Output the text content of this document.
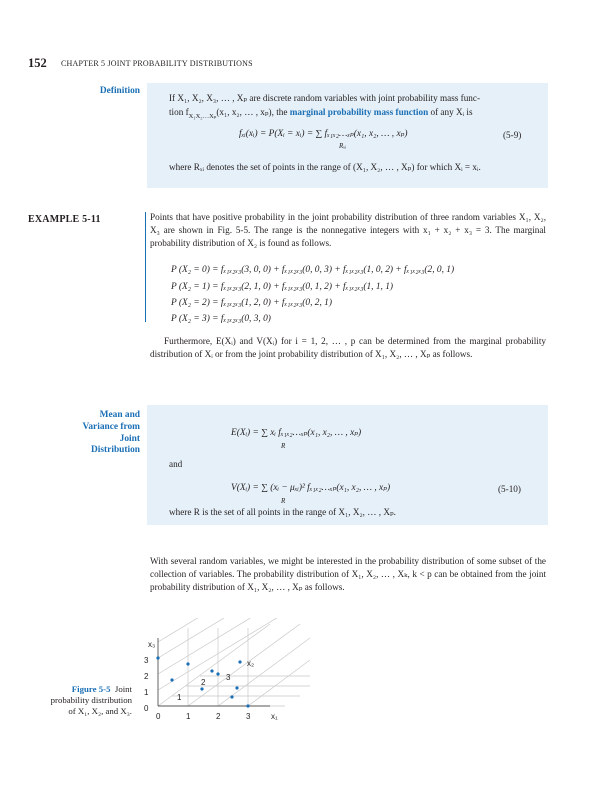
152 CHAPTER 5 JOINT PROBABILITY DISTRIBUTIONS
Definition
If X₁, X₂, X₃, … , Xₚ are discrete random variables with joint probability mass func-
tion $f_{X_1X_2\dots X_p}(x_1$, x₂, … , xₚ), the marginal probability mass function of any Xᵢ is
fₓᵢ(xᵢ) = P(Xᵢ = xᵢ) = ∑ fₓ₁ₓ₂…ₓₚ(x₁, x₂, … , xₚ)
Rₓᵢ
(5-9)
where Rₓᵢ denotes the set of points in the range of (X₁, X₂, … , Xₚ) for which Xᵢ = xᵢ.
EXAMPLE 5-11	Points that have positive probability in the joint probability distribution of three random variables X₁, X₂, X₃ are shown in Fig. 5-5. The range is the nonnegative integers with x₁ + x₂ + x₃ = 3. The marginal probability distribution of X₂ is found as follows.
P (X₂ = 0) = fₓ₁ₓ₂ₓ₃(3, 0, 0) + fₓ₁ₓ₂ₓ₃(0, 0, 3) + fₓ₁ₓ₂ₓ₃(1, 0, 2) + fₓ₁ₓ₂ₓ₃(2, 0, 1)
P (X₂ = 1) = fₓ₁ₓ₂ₓ₃(2, 1, 0) + fₓ₁ₓ₂ₓ₃(0, 1, 2) + fₓ₁ₓ₂ₓ₃(1, 1, 1)
P (X₂ = 2) = fₓ₁ₓ₂ₓ₃(1, 2, 0) + fₓ₁ₓ₂ₓ₃(0, 2, 1)
P (X₂ = 3) = fₓ₁ₓ₂ₓ₃(0, 3, 0)
Furthermore, E(Xᵢ) and V(Xᵢ) for i = 1, 2, … , p can be determined from the marginal probability distribution of Xᵢ or from the joint probability distribution of X₁, X₂, … , Xₚ as follows.
Mean and
Variance from
Joint
Distribution
E(Xᵢ) = ∑ xᵢ fₓ₁ₓ₂…ₓₚ(x₁, x₂, … , xₚ)
R
and
V(Xᵢ) = ∑ (xᵢ − μₓᵢ)² fₓ₁ₓ₂…ₓₚ(x₁, x₂, … , xₚ)
R
(5-10)
where R is the set of all points in the range of X₁, X₂, … , Xₚ.
With several random variables, we might be interested in the probability distribution of some subset of the collection of variables. The probability distribution of X₁, X₂, … , Xₖ, k < p can be obtained from the joint probability distribution of X₁, X₂, … , Xₚ as follows.
Figure 5-5 Joint
probability distribution
of X₁, X₂, and X₃.
x₃
x₂
x₁
0	1	2	3
0
1
2
3
1
2
3
